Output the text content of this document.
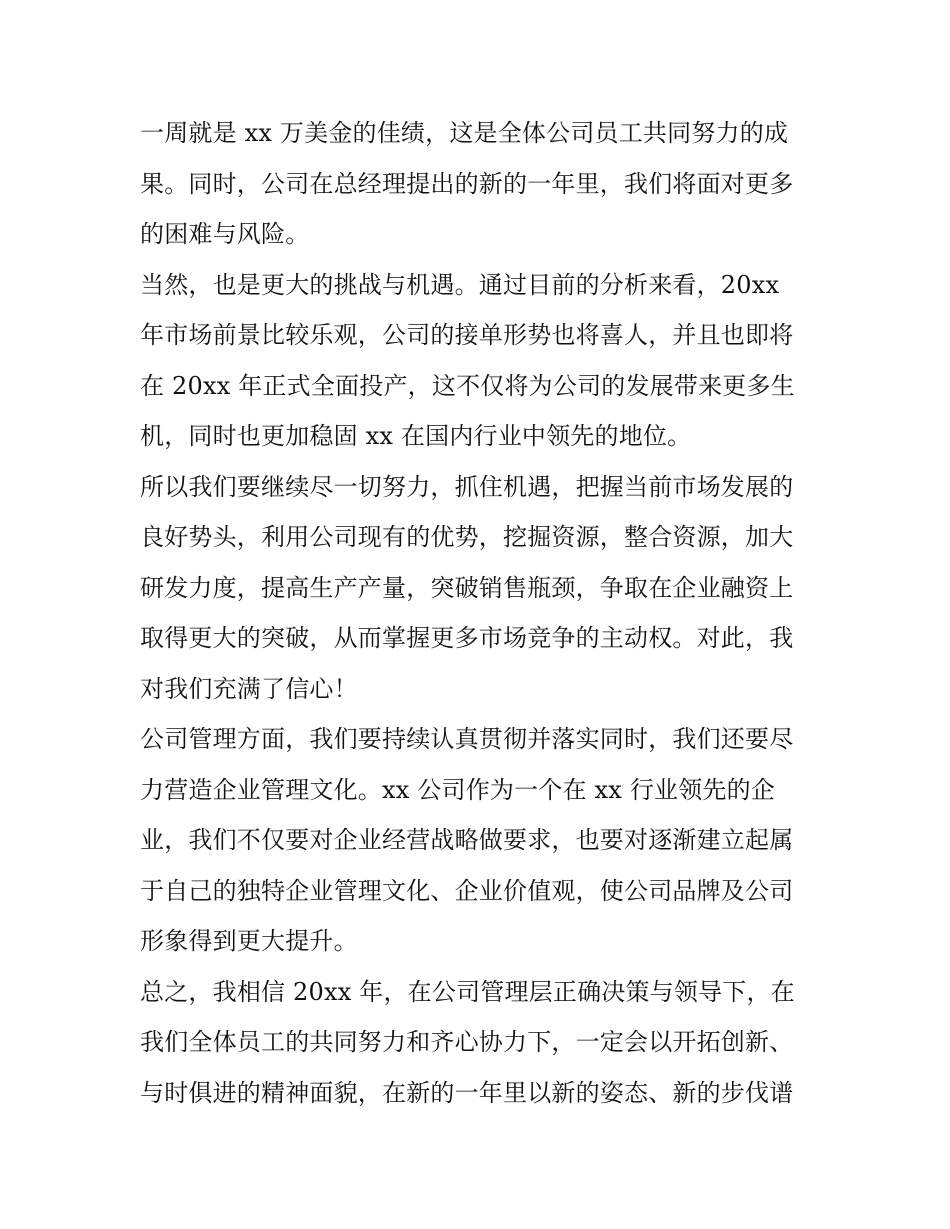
一周就是 xx 万美金的佳绩，这是全体公司员工共同努力的成
果。同时，公司在总经理提出的新的一年里，我们将面对更多
的困难与风险。
当然，也是更大的挑战与机遇。通过目前的分析来看，20xx
年市场前景比较乐观，公司的接单形势也将喜人，并且也即将
在 20xx 年正式全面投产，这不仅将为公司的发展带来更多生
机，同时也更加稳固 xx 在国内行业中领先的地位。
所以我们要继续尽一切努力，抓住机遇，把握当前市场发展的
良好势头，利用公司现有的优势，挖掘资源，整合资源，加大
研发力度，提高生产产量，突破销售瓶颈，争取在企业融资上
取得更大的突破，从而掌握更多市场竞争的主动权。对此，我
对我们充满了信心！
公司管理方面，我们要持续认真贯彻并落实同时，我们还要尽
力营造企业管理文化。xx 公司作为一个在 xx 行业领先的企
业，我们不仅要对企业经营战略做要求，也要对逐渐建立起属
于自己的独特企业管理文化、企业价值观，使公司品牌及公司
形象得到更大提升。
总之，我相信 20xx 年，在公司管理层正确决策与领导下，在
我们全体员工的共同努力和齐心协力下，一定会以开拓创新、
与时俱进的精神面貌，在新的一年里以新的姿态、新的步伐谱
